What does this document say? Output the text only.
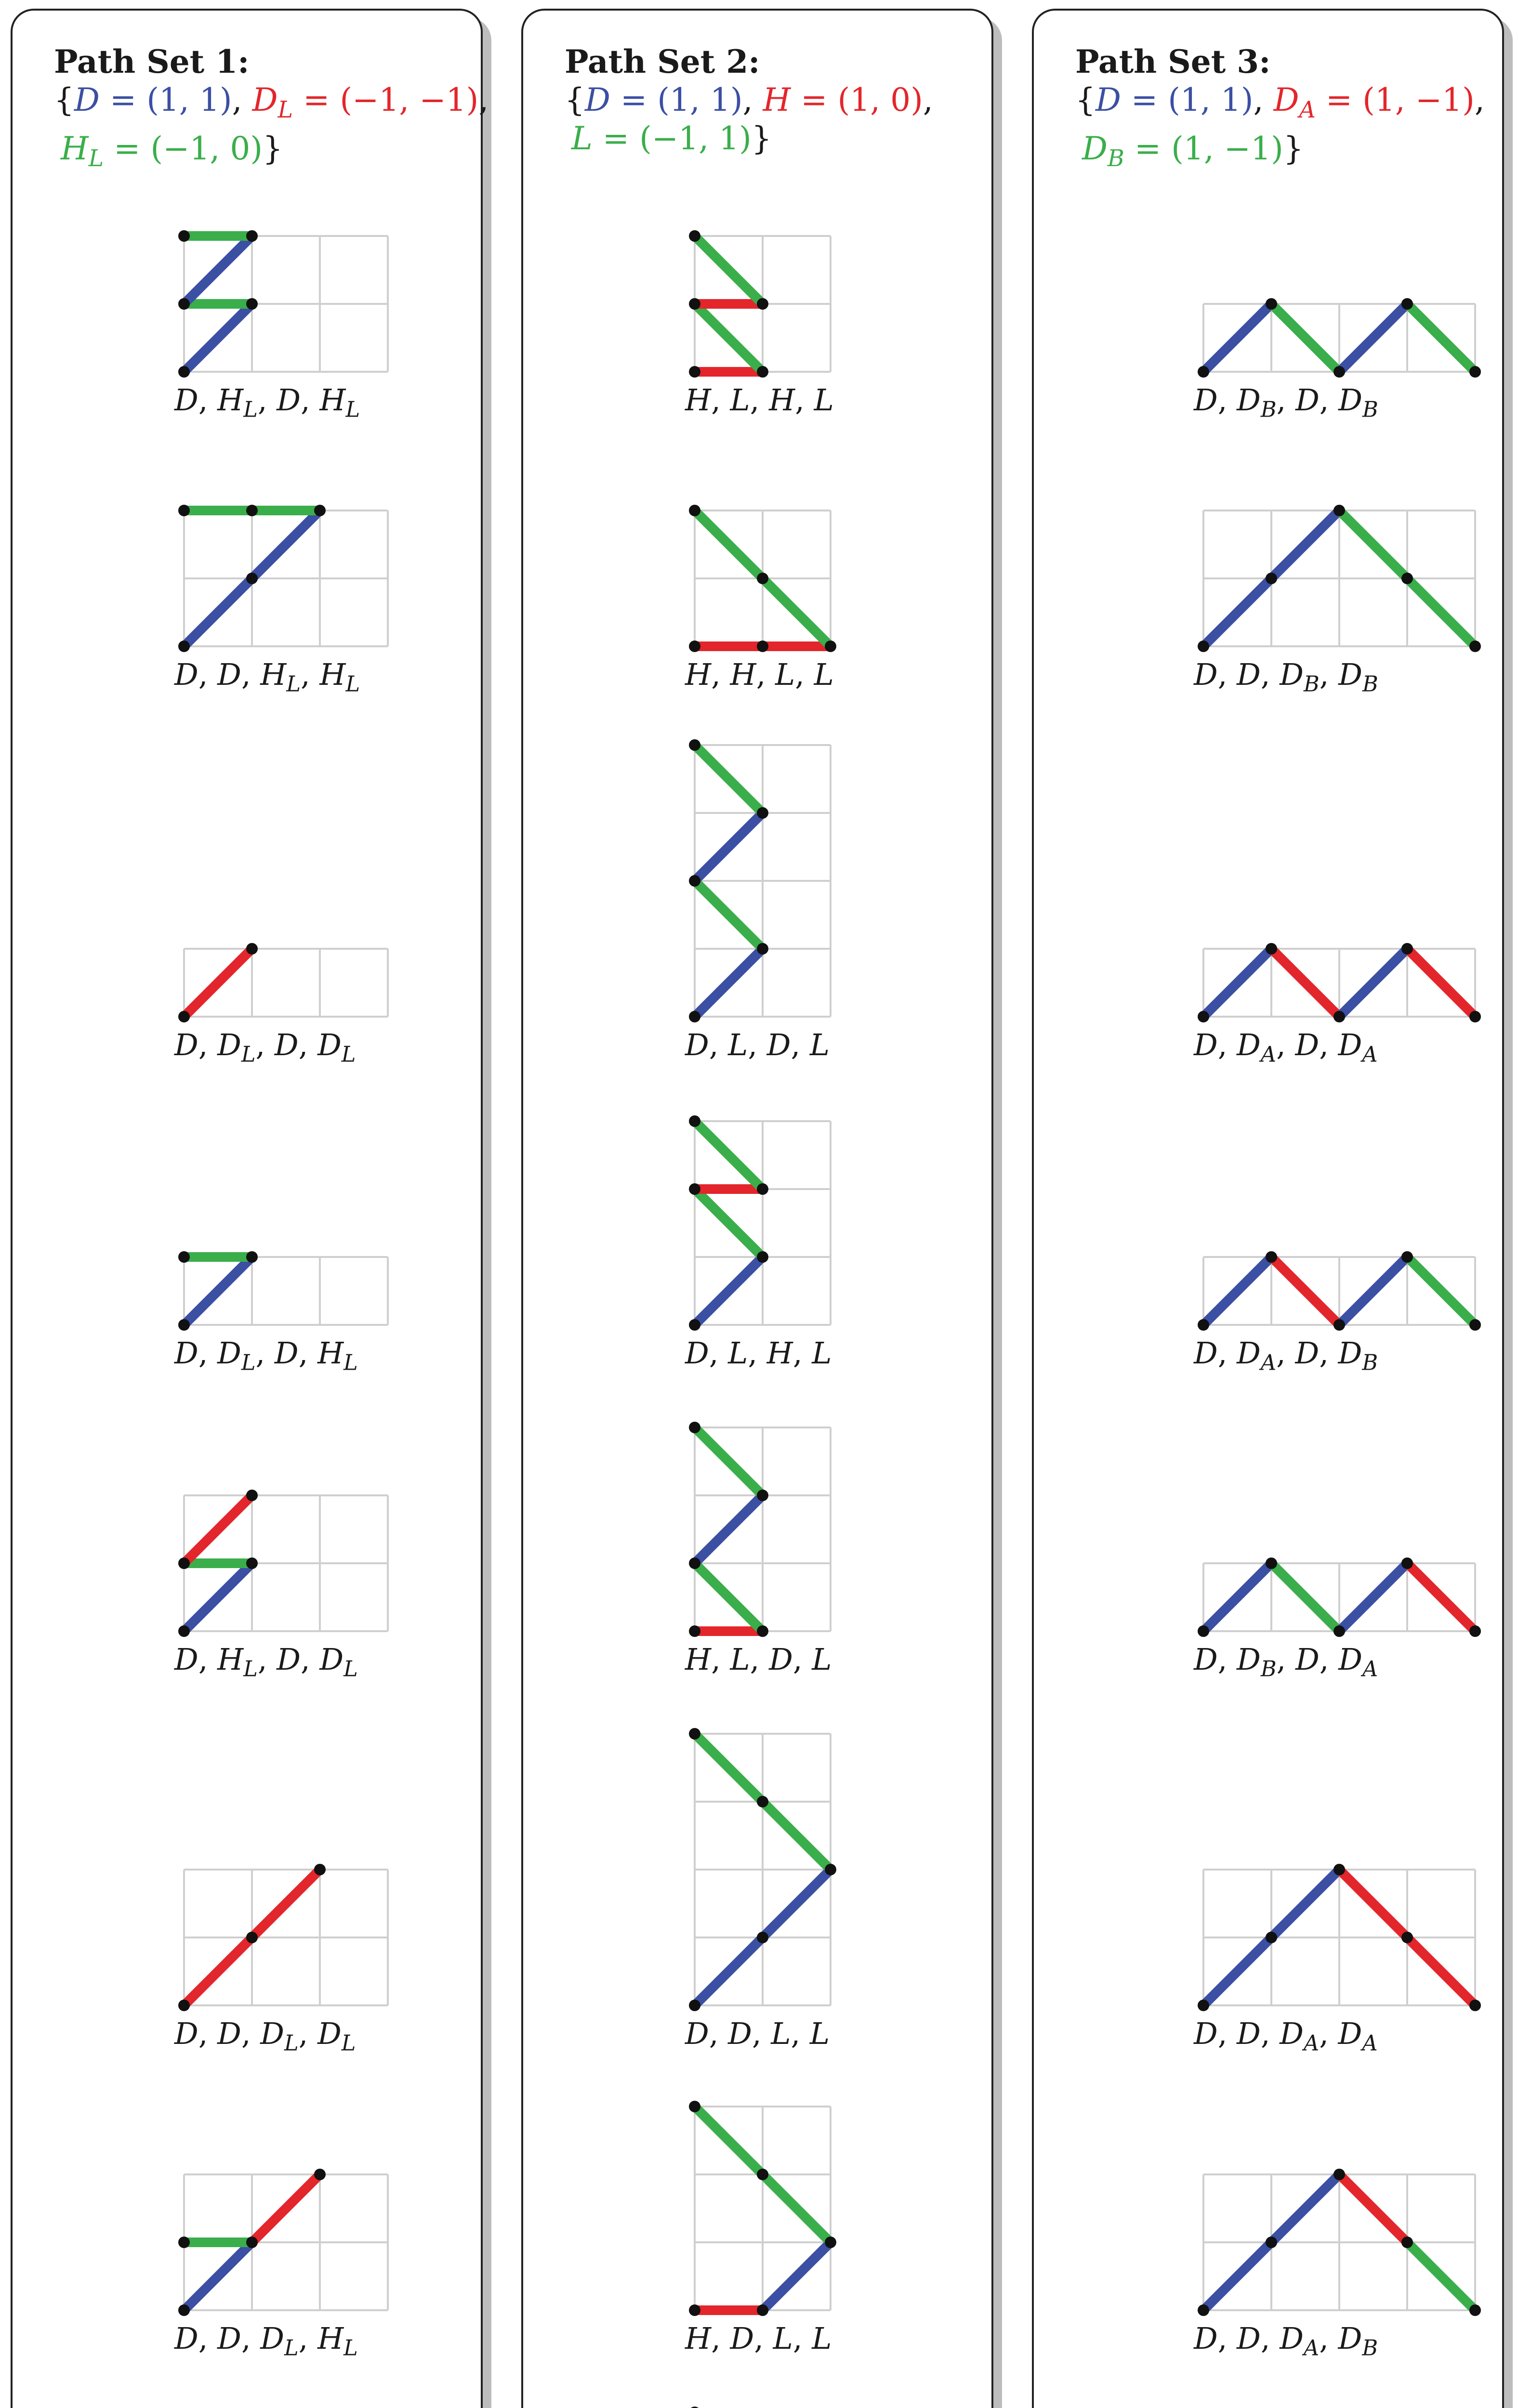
Path Set 1:
{D = (1, 1), $D_L = (-1$, −1),
$H_L = (-1$, 0)}
D, $H_L$, D, $H_L$
D, D, $H_L$, $H_L$
D, $D_L$, D, $D_L$
D, $D_L$, D, $H_L$
D, $H_L$, D, $D_L$
D, D, $D_L$, $D_L$
D, D, $D_L$, $H_L$
Path Set 2:
{D = (1, 1), H = (1, 0),
L = (−1, 1)}
H, L, H, L
H, H, L, L
D, L, D, L
D, L, H, L
H, L, D, L
D, D, L, L
H, D, L, L
Path Set 3:
{D = (1, 1), $D_A = (1$, −1),
$D_B = (1$, −1)}
D, $D_B$, D, $D_B$
D, D, $D_B$, $D_B$
D, $D_A$, D, $D_A$
D, $D_A$, D, $D_B$
D, $D_B$, D, $D_A$
D, D, $D_A$, $D_A$
D, D, $D_A$, $D_B$
